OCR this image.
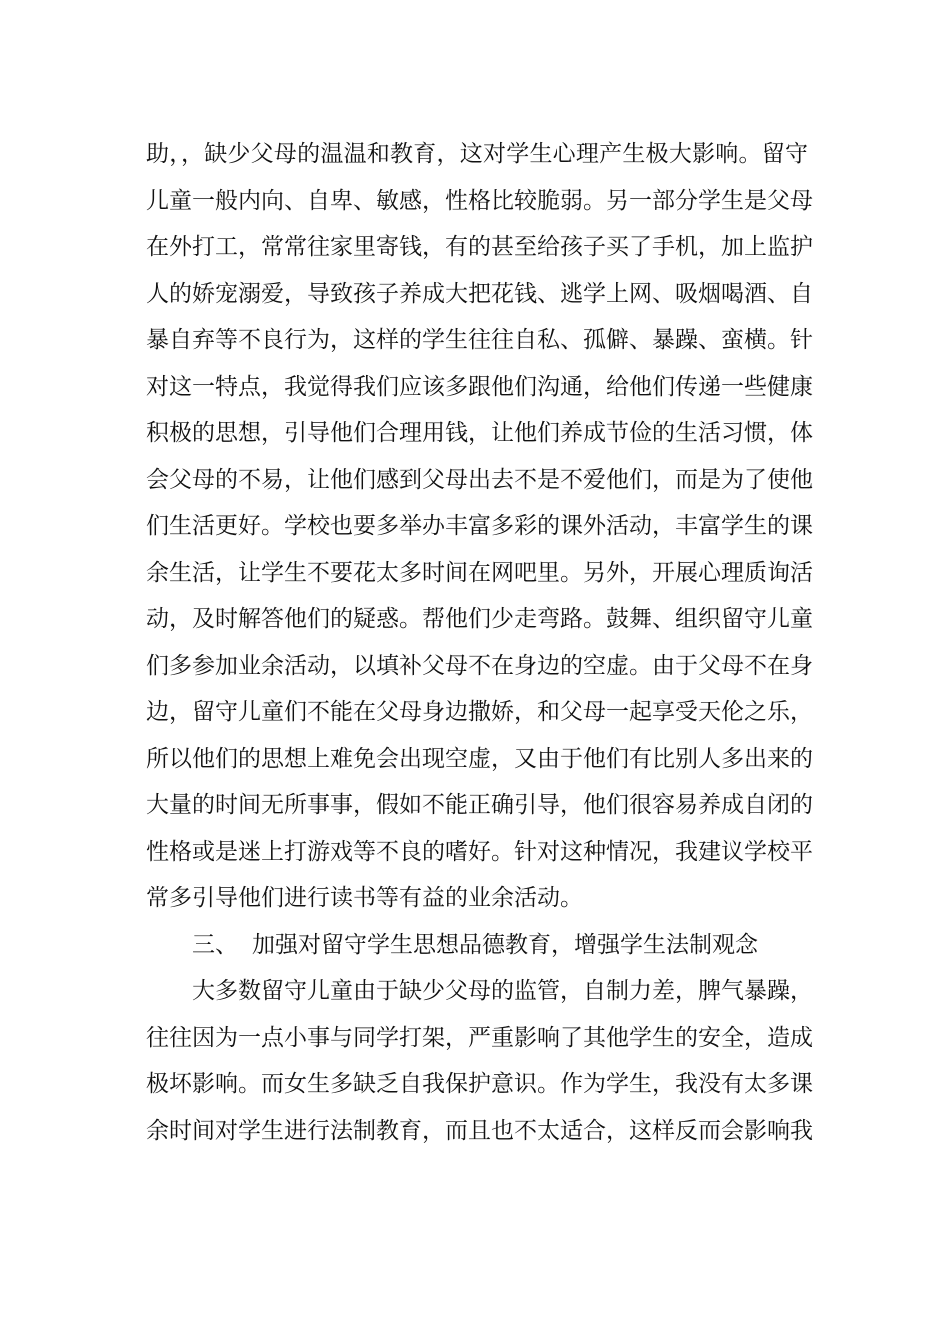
助，，缺少父母的温温和教育，这对学生心理产生极大影响。留守
儿童一般内向、自卑、敏感，性格比较脆弱。另一部分学生是父母
在外打工，常常往家里寄钱，有的甚至给孩子买了手机，加上监护
人的娇宠溺爱，导致孩子养成大把花钱、逃学上网、吸烟喝酒、自
暴自弃等不良行为，这样的学生往往自私、孤僻、暴躁、蛮横。针
对这一特点，我觉得我们应该多跟他们沟通，给他们传递一些健康
积极的思想，引导他们合理用钱，让他们养成节俭的生活习惯，体
会父母的不易，让他们感到父母出去不是不爱他们，而是为了使他
们生活更好。学校也要多举办丰富多彩的课外活动，丰富学生的课
余生活，让学生不要花太多时间在网吧里。另外，开展心理质询活
动，及时解答他们的疑惑。帮他们少走弯路。鼓舞、组织留守儿童
们多参加业余活动，以填补父母不在身边的空虚。由于父母不在身
边，留守儿童们不能在父母身边撒娇，和父母一起享受天伦之乐，
所以他们的思想上难免会出现空虚，又由于他们有比别人多出来的
大量的时间无所事事，假如不能正确引导，他们很容易养成自闭的
性格或是迷上打游戏等不良的嗜好。针对这种情况，我建议学校平
常多引导他们进行读书等有益的业余活动。
三、 加强对留守学生思想品德教育，增强学生法制观念
大多数留守儿童由于缺少父母的监管，自制力差，脾气暴躁，
往往因为一点小事与同学打架，严重影响了其他学生的安全，造成
极坏影响。而女生多缺乏自我保护意识。作为学生，我没有太多课
余时间对学生进行法制教育，而且也不太适合，这样反而会影响我
